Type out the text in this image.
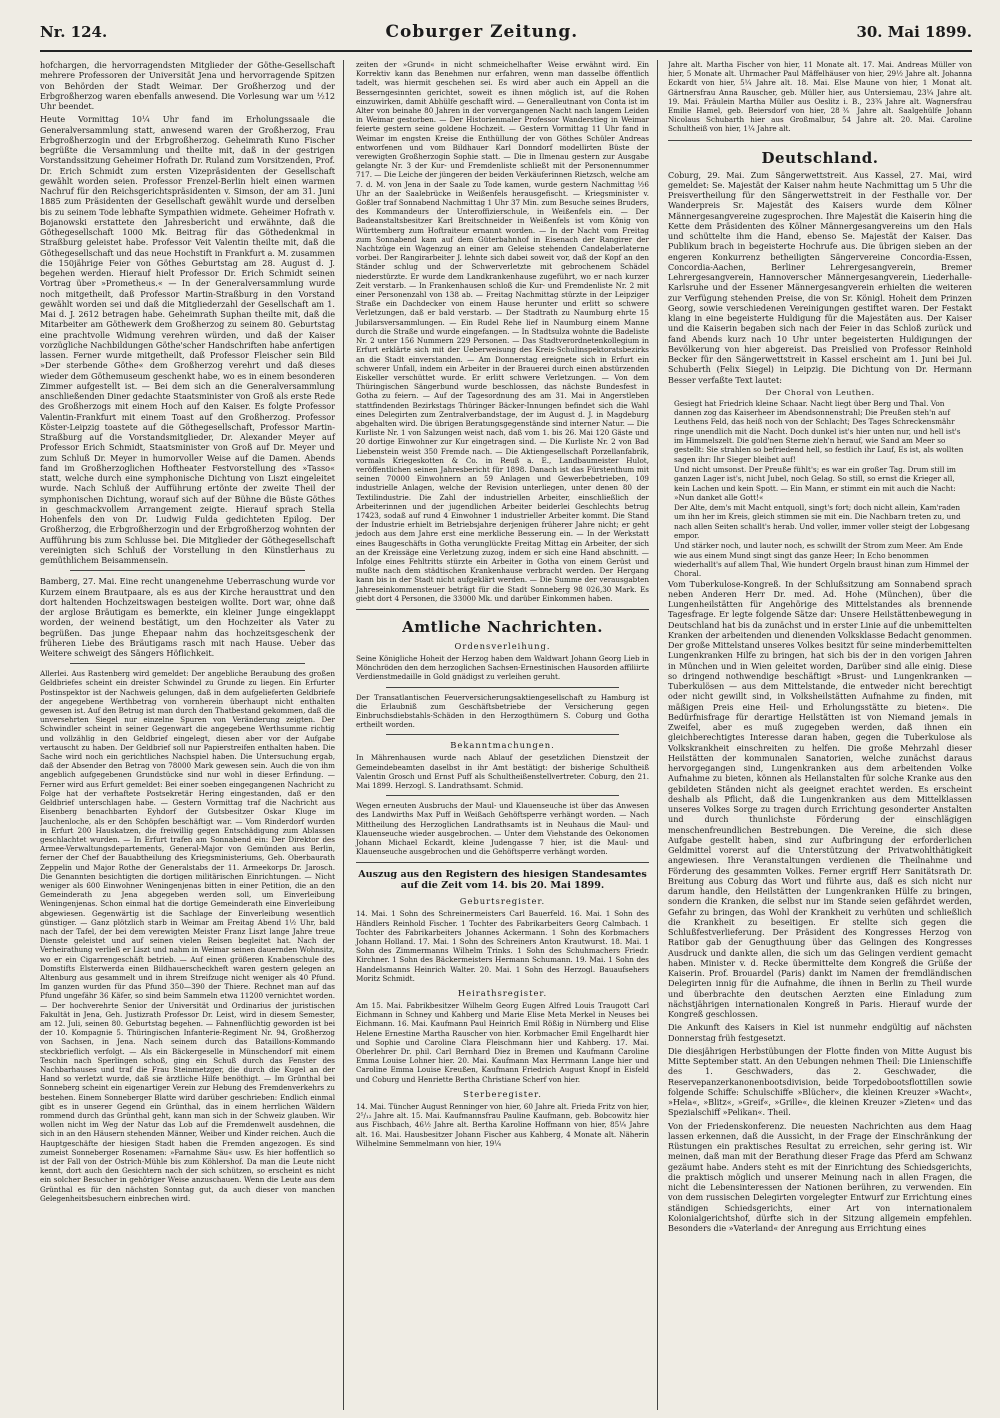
Nr. 124.	Coburger Zeitung.	30. Mai 1899.

hofchargen, die hervorragendsten Mitglieder der Göthe-Gesellschaft mehrere Professoren der Universität Jena und hervorragende Spitzen von Behörden der Stadt Weimar. Der Großherzog und der Erbgroßherzog waren ebenfalls anwesend. Die Vorlesung war um ½12 Uhr beendet.

Heute Vormittag 10¼ Uhr fand im Erholungssaale die Generalversammlung statt, anwesend waren der Großherzog, Frau Erbgroßherzogin und der Erbgroßherzog. Geheimrath Kuno Fischer begrüßte die Versammlung und theilte mit, daß in der gestrigen Vorstandssitzung Geheimer Hofrath Dr. Ruland zum Vorsitzenden, Prof. Dr. Erich Schmidt zum ersten Vizepräsidenten der Gesellschaft gewählt worden seien. Professor Frenzel-Berlin hielt einen warmen Nachruf für den Reichsgerichtspräsidenten v. Simson, der am 31. Juni 1885 zum Präsidenten der Gesellschaft gewählt wurde und derselben bis zu seinem Tode lebhafte Sympathien widmete. Geheimer Hofrath v. Bojanowski erstattete den Jahresbericht und erwähnte, daß die Göthegesellschaft 1000 Mk. Beitrag für das Göthedenkmal in Straßburg geleistet habe. Professor Veit Valentin theilte mit, daß die Göthegesellschaft und das neue Hochstift in Frankfurt a. M. zusammen die 150jährige Feier von Göthes Geburtstag am 28. August d. J. begehen werden. Hierauf hielt Professor Dr. Erich Schmidt seinen Vortrag über »Prometheus.« — In der Generalversammlung wurde noch mitgetheilt, daß Professor Martin-Straßburg in den Vorstand gewählt worden sei und daß die Mitgliederzahl der Gesellschaft am 1. Mai d. J. 2612 betragen habe. Geheimrath Suphan theilte mit, daß die Mitarbeiter am Göthewerk dem Großherzog zu seinem 80. Geburtstag eine prachtvolle Widmung verehren würden, und daß der Kaiser vorzügliche Nachbildungen Göthe'scher Handschriften habe anfertigen lassen. Ferner wurde mitgetheilt, daß Professor Fleischer sein Bild »Der sterbende Göthe« dem Großherzog verehrt und daß dieses wieder dem Göthemuseum geschenkt habe, wo es in einem besonderen Zimmer aufgestellt ist. — Bei dem sich an die Generalversammlung anschließenden Diner gedachte Staatsminister von Groß als erste Rede des Großherzogs mit einem Hoch auf den Kaiser. Es folgte Professor Valentin-Frankfurt mit einem Toast auf den Großherzog. Professor Köster-Leipzig toastete auf die Göthegesellschaft, Professor Martin-Straßburg auf die Vorstandsmitglieder, Dr. Alexander Meyer auf Professor Erich Schmidt, Staatsminister von Groß auf Dr. Meyer und zum Schluß Dr. Meyer in humorvoller Weise auf die Damen. Abends fand im Großherzoglichen Hoftheater Festvorstellung des »Tasso« statt, welche durch eine symphonische Dichtung von Liszt eingeleitet wurde. Nach Schluß der Aufführung ertönte der zweite Theil der symphonischen Dichtung, worauf sich auf der Bühne die Büste Göthes in geschmackvollem Arrangement zeigte. Hierauf sprach Stella Hohenfels den von Dr. Ludwig Fulda gedichteten Epilog. Der Großherzog, die Erbgroßherzogin und der Erbgroßherzog wohnten der Aufführung bis zum Schlusse bei. Die Mitglieder der Göthegesellschaft vereinigten sich Schluß der Vorstellung in den Künstlerhaus zu gemüthlichem Beisammensein.

Bamberg, 27. Mai. Eine recht unangenehme Ueberraschung wurde vor Kurzem einem Brautpaare, als es aus der Kirche herausttrat und den dort haltenden Hochzeitswagen besteigen wollte. Dort war, ohne daß der arglose Bräutigam es bemerkte, ein kleiner Junge eingeklappt worden, der weinend bestätigt, um den Hochzeiter als Vater zu begrüßen. Das junge Ehepaar nahm das hochzeitsgeschenk der früheren Liebe des Bräutigams rasch mit nach Hause. Ueber das Weitere schweigt des Sängers Höflichkeit.

Allerlei. Aus Rastenberg wird gemeldet: Der angebliche Beraubung des großen Geldbriefes scheint ein dreister Schwindel zu Grunde zu liegen. Ein Erfurter Postinspektor ist der Nachweis gelungen, daß in dem aufgelieferten Geldbriefe der angegebene Werthbetrag von vornherein überhaupt nicht enthalten gewesen ist. Auf den Betrug ist man durch den Thatbestand gekommen, daß die unversehrten Siegel nur einzelne Spuren von Veränderung zeigten. Der Schwindler scheint in seiner Gegenwart die angegebene Werthsumme richtig und vollzählig in den Geldbrief eingelegt, diesen aber vor der Aufgabe vertauscht zu haben. Der Geldbrief soll nur Papierstreifen enthalten haben. Die Sache wird noch ein gerichtliches Nachspiel haben. Die Untersuchung ergab, daß der Absender den Betrag von 78000 Mark gewesen sein. Auch die von ihm angeblich aufgegebenen Grundstücke sind nur wohl in dieser Erfindung. — Ferner wird aus Erfurt gemeldet: Bei einer soeben eingegangenen Nachricht zu Folge hat der verhaftete Postsekretär Hering eingestanden, daß er den Geldbrief unterschlagen habe. — Gestern Vormittag traf die Nachricht aus Eisenberg benachbarten Eyhdorf der Gutsbesitzer Oskar Kluge im Jauchenloche, als er den Schöpfen beschäftigt war. — Vom Rinderdorf wurden in Erfurt 200 Hauskatzen, die freiwillig gegen Entschädigung zum Ablassen geschlachtet wurden. — In Erfurt trafen am Sonnabend ein: Der Direktor des Armee-Verwaltungsdepartements, General-Major von Gemünden aus Berlin, ferner der Chef der Bauabtheilung des Kriegsministeriums, Geh. Oberbaurath Zeppelin und Major Rothe der Generalstabs der 11. Armeekorps Dr. Jarosch. Die Genannten besichtigten die dortigen militärischen Einrichtungen. — Nicht weniger als 600 Einwohner Weningenjenas bitten in einer Petition, die an den Gemeinderath zu Jena abgegeben werden soll, um Einverleibung Weningenjenas. Schon einmal hat die dortige Gemeinderath eine Einverleibung abgewiesen. Gegenwärtig ist die Sachlage der Einverleibung wesentlich günstiger. — Ganz plötzlich starb in Weimar am Freitag Abend 1½ Uhr, bald nach der Tafel, der bei dem verewigten Meister Franz Liszt lange Jahre treue Dienste geleistet und auf seinen vielen Reisen begleitet hat. Nach der Verheirathung verließ er Liszt und nahm in Weimar seinen dauernden Wohnsitz, wo er ein Cigarrengeschäft betrieb. — Auf einen größeren Knabenschule des Domstifts Elsterwerda einen Bildhauerscheckheft waren gestern gelegen an Altenburg aus gesammelt und in ihrem Streifzuge nicht weniger als 40 Pfund. Im ganzen wurden für das Pfund 350—390 der Thiere. Rechnet man auf das Pfund ungefähr 36 Käfer, so sind beim Sammeln etwa 11200 vernichtet worden. — Der hochverehrte Senior der Universität und Ordinarius der juristischen Fakultät in Jena, Geh. Justizrath Professor Dr. Leist, wird in diesem Semester, am 12. Juli, seinen 80. Geburtstag begehen. — Fahnenflüchtig geworden ist bei der 10. Kompagnie 5. Thüringischen Infanterie-Regiment Nr. 94, Großherzog von Sachsen, in Jena. Nach seinem durch das Bataillons-Kommando steckbrieflich verfolgt. — Als ein Bäckergeselle in Münschendorf mit einem Teschin nach Sperlingen schoß, ging ein Schuß durch das Fenster des Nachbarhauses und traf die Frau Steinmetzger, die durch die Kugel an der Hand so verletzt wurde, daß sie ärztliche Hilfe benöthigt. — Im Grünthal bei Sonneberg scheint ein eigenartiger Verein zur Hebung des Fremdenverkehrs zu bestehen. Einem Sonneberger Blatte wird darüber geschrieben: Endlich einmal gibt es in unserer Gegend ein Grünthal, das in einem herrlichen Wäldern rommend durch das Grünthal geht, kann man sich in der Schweiz glauben. Wir wollen nicht im Weg der Natur das Lob auf die Fremdenwelt ausdehnen, die sich in an den Häusern stehenden Männer, Weiber und Kinder reichen. Auch die Hauptgeschäfte der hiesigen Stadt haben die Fremden angezogen. Es sind zumeist Sonneberger Rosenamen: »Farnahme Säu« usw. Es hier hoffentlich so ist der Fall von der Ostrich-Mühle bis zum Köhlershof. Da man die Leute nicht kennt, dort auch den Gesichtern nach der sich schützen, so erscheint es nicht ein solcher Besucher in gehöriger Weise anzuschauen. Wenn die Leute aus dem Grünthal es für den nächsten Sonntag gut, da auch dieser von manchen Gelegenheitsbesuchern einbrechen wird.

zeiten der »Grund« in nicht schmeichelhafter Weise erwähnt wird. Ein Korrektiv kann das Benehmen nur erfahren, wenn man dasselbe öffentlich tadelt, was hiermit geschehen sei. Es wird aber auch ein Appell an die Besserngesinnten gerichtet, soweit es ihnen möglich ist, auf die Rohen einzuwirken, damit Abhülfe geschafft wird. — Generalleutnant von Conta ist im Alter von beinahe 80 Jahren in der vorvergangenen Nacht nach langem Leiden in Weimar gestorben. — Der Historienmaler Professor Wanderstieg in Weimar feierte gestern seine goldene Hochzeit. — Gestern Vormittag 11 Uhr fand in Weimar im engsten Kreise die Enthüllung der von Göthes Schüler Andreas entworfenen und vom Bildhauer Karl Donndorf modellirten Büste der verewigten Großherzogin Sophie statt. — Die in Ilmenau gestern zur Ausgabe gelangte Nr. 3 der Kur- und Fremdenliste schließt mit der Personennummer 717. — Die Leiche der jüngeren der beiden Verkäuferinnen Rietzsch, welche am 7. d. M. von Jena in der Saale zu Tode kamen, wurde gestern Nachmittag ½6 Uhr an der Saalebrücke in Weißenfels herausgefischt. — Kriegsminister v. Goßler traf Sonnabend Nachmittag 1 Uhr 37 Min. zum Besuche seines Bruders, des Kommandeurs der Unteroffizierschule, in Weißenfels ein. — Der Badeanstaltsbesitzer Karl Breitschneider in Weißenfels ist vom König von Württemberg zum Hoftraiteur ernannt worden. — In der Nacht vom Freitag zum Sonnabend kam auf dem Güterbahnhof in Eisenach der Rangirer der Nachtzüge ein Wagenzug an einer am Geleise stehenden Candelaberlaterne vorbei. Der Rangirarbeiter J. lehnte sich dabei soweit vor, daß der Kopf an den Ständer schlug und der Schwerverletzte mit gebrochenem Schädel niederstürzte. Er wurde dem Landkrankenhause zugeführt, wo er nach kurzer Zeit verstarb. — In Frankenhausen schloß die Kur- und Fremdenliste Nr. 2 mit einer Personenzahl von 138 ab. — Freitag Nachmittag stürzte in der Leipziger Straße ein Dachdecker von einem Hause herunter und erlitt so schwere Verletzungen, daß er bald verstarb. — Der Stadtrath zu Naumburg ehrte 15 Jubilarsversammlungen. — Ein Rudel Rehe lief in Naumburg einem Manne durch die Straße und wurde eingefangen. — In Stadtsulza wohnte die Badeliste Nr. 2 unter 156 Nummern 229 Personen. — Das Stadtverordnetenkollegium in Erfurt erklärte sich mit der Ueberweisung des Kreis-Schulinspektoratsbezirks an die Stadt einverstanden. — Am Donnerstag ereignete sich in Erfurt ein schwerer Unfall, indem ein Arbeiter in der Brauerei durch einen abstürzenden Eiskeller verschüttet wurde. Er erlitt schwere Verletzungen. — Von dem Thüringischen Sängerbund wurde beschlossen, das nächste Bundesfest in Gotha zu feiern. — Auf der Tagesordnung des am 31. Mai in Angerstleben stattfindenden Bezirkstags Thüringer Bäcker-Innungen befindet sich die Wahl eines Delegirten zum Zentralverbandstage, der im August d. J. in Magdeburg abgehalten wird. Die übrigen Beratungsgegenstände sind interner Natur. — Die Kurliste Nr. 1 von Salzungen weist nach, daß vom 1. bis 26. Mai 120 Gäste und 20 dortige Einwohner zur Kur eingetragen sind. — Die Kurliste Nr. 2 von Bad Liebenstein weist 350 Fremde nach. — Die Aktiengesellschaft Porzellanfabrik, vormals Kriegeskotten & Co. in Reuß a. E., Landbaumeister Hulot, veröffentlichen seinen Jahresbericht für 1898. Danach ist das Fürstenthum mit seinen 70000 Einwohnern an 59 Anlagen und Gewerbebetrieben, 109 industrielle Anlagen, welche der Revision unterliegen, unter denen 80 der Textilindustrie. Die Zahl der industriellen Arbeiter, einschließlich der Arbeiterinnen und der jugendlichen Arbeiter beiderlei Geschlechts betrug 17423, sodaß auf rund 4 Einwohner 1 industrieller Arbeiter kommt. Die Stand der Industrie erhielt im Betriebsjahre derjenigen früherer Jahre nicht; er geht jedoch aus dem Jahre erst eine merkliche Besserung ein. — In der Werkstatt eines Baugeschäfts in Gotha verunglückte Freitag Mittag ein Arbeiter, der sich an der Kreissäge eine Verletzung zuzog, indem er sich eine Hand abschnitt. — Infolge eines Fehltritts stürzte ein Arbeiter in Gotha von einem Gerüst und mußte nach dem städtischen Krankenhause verbracht werden. Der Hergang kann bis in der Stadt nicht aufgeklärt werden. — Die Summe der verausgabten Jahreseinkommensteuer beträgt für die Stadt Sonneberg 98 026,30 Mark. Es giebt dort 4 Personen, die 33000 Mk. und darüber Einkommen haben.

Amtliche Nachrichten.
Ordensverleihung.

Seine Königliche Hoheit der Herzog haben dem Waldwart Johann Georg Lieb in Mönchröden den dem herzoglichen Sachsen-Ernestinischen Hausorden affiliirte Verdienstmedaille in Gold gnädigst zu verleihen geruht.

Der Transatlantischen Feuerversicherungsaktiengesellschaft zu Hamburg ist die Erlaubniß zum Geschäftsbetriebe der Versicherung gegen Einbruchsdiebstahls-Schäden in den Herzogthümern S. Coburg und Gotha ertheilt worden.

Bekanntmachungen.

In Mährenhausen wurde nach Ablauf der gesetzlichen Dienstzeit der Gemeindebeamten daselbst in ihr Amt bestätigt: der bisherige Schultheiß Valentin Grosch und Ernst Puff als Schultheißenstellvertreter. Coburg, den 21. Mai 1899. Herzogl. S. Landrathsamt. Schmid.

Wegen erneuten Ausbruchs der Maul- und Klauenseuche ist über das Anwesen des Landwirths Max Puff in Weißach Gehöftsperre verhängt worden. — Nach Mittheilung des Herzoglichen Landrathsamts ist in Neuhaus die Maul- und Klauenseuche wieder ausgebrochen. — Unter dem Viehstande des Oekonomen Johann Michael Eckardt, kleine Judengasse 7 hier, ist die Maul- und Klauenseuche ausgebrochen und die Gehöftsperre verhängt worden.

Auszug aus den Registern des hiesigen Standesamtes auf die Zeit vom 14. bis 20. Mai 1899.
Geburtsregister.

14. Mai. 1 Sohn des Schreinermeisters Carl Bauerfeld. 16. Mai. 1 Sohn des Händlers Reinhold Fischer. 1 Tochter des Fabrikarbeiters Georg Calmbach. 1 Tochter des Fabrikarbeiters Johannes Ackermann. 1 Sohn des Korbmachers Johann Holland. 17. Mai. 1 Sohn des Schreiners Anton Krautwurst. 18. Mai. 1 Sohn des Zimmermanns Wilhelm Trinks. 1 Sohn des Schuhmachers Friedr. Kirchner. 1 Sohn des Bäckermeisters Hermann Schumann. 19. Mai. 1 Sohn des Handelsmanns Heinrich Walter. 20. Mai. 1 Sohn des Herzogl. Bauaufsehers Moritz Schmidt.

Heirathsregister.

Am 15. Mai. Fabrikbesitzer Wilhelm Georg Eugen Alfred Louis Traugott Carl Eichmann in Schney und Kahberg und Marie Elise Meta Merkel in Neuses bei Eichmann. 16. Mai. Kaufmann Paul Heinrich Emil Rößig in Nürnberg und Elise Helene Ernestine Martha Rauscher von hier. Korbmacher Emil Engelhardt hier und Sophie und Caroline Clara Fleischmann hier und Kahberg. 17. Mai. Oberlehrer Dr. phil. Carl Bernhard Diez in Bremen und Kaufmann Caroline Emma Louise Lohner hier. 20. Mai. Kaufmann Max Herrmann Lange hier und Caroline Emma Louise Kreußen, Kaufmann Friedrich August Knopf in Eisfeld und Coburg und Henriette Bertha Christiane Scherf von hier.

Sterberegister.

14. Mai. Tüncher August Renninger von hier, 60 Jahre alt. Frieda Fritz von hier, 2⁵/₁₂ Jahre alt. 15. Mai. Kaufmannsfrau Pauline Kaufmann, geb. Bobcowitz hier aus Fischbach, 46½ Jahre alt. Bertha Karoline Hoffmann von hier, 85¼ Jahre alt. 16. Mai. Hausbesitzer Johann Fischer aus Kahberg, 4 Monate alt. Näherin Wilhelmine Semmelmann von hier, 19¼

Jahre alt. Martha Fischer von hier, 11 Monate alt. 17. Mai. Andreas Müller von hier, 5 Monate alt. Uhrmacher Paul Mäffelhäuser von hier, 29½ Jahre alt. Johanna Eckardt von hier, 5¼ Jahre alt. 18. Mai. Else Maune von hier, 1 Monat alt. Gärtnersfrau Anna Rauscher, geb. Müller hier, aus Untersiemau, 23¼ Jahre alt. 19. Mai. Fräulein Martha Müller aus Oeslitz i. B., 23¾ Jahre alt. Wagnersfrau Emilie Hamel, geb. Beiersdorf von hier, 28⅗ Jahre alt. Saalgehülfe Johann Nicolaus Schubarth hier aus Großmalbur, 54 Jahre alt. 20. Mai. Caroline Schultheiß von hier, 1¼ Jahre alt.

Deutschland.

Coburg, 29. Mai. Zum Sängerwettstreit. Aus Kassel, 27. Mai, wird gemeldet: Se. Majestät der Kaiser nahm heute Nachmittag um 5 Uhr die Preisvertheilung für den Sängerwettstreit in der Festhalle vor. Der Wanderpreis Sr. Majestät des Kaisers wurde dem Kölner Männergesangvereine zugesprochen. Ihre Majestät die Kaiserin hing die Kette dem Präsidenten des Kölner Männergesangvereins um den Hals und schüttelte ihm die Hand, ebenso Se. Majestät der Kaiser. Das Publikum brach in begeisterte Hochrufe aus. Die übrigen sieben an der engeren Konkurrenz betheiligten Sängervereine Concordia-Essen, Concordia-Aachen, Berliner Lehrergesangverein, Bremer Lehrergesangverein, Hannoverscher Männergesangverein, Liederhalle-Karlsruhe und der Essener Männergesangverein erhielten die weiteren zur Verfügung stehenden Preise, die von Sr. Königl. Hoheit dem Prinzen Georg, sowie verschiedenen Vereinigungen gestiftet waren. Der Festakt klang in eine begeisterte Huldigung für die Majestäten aus. Der Kaiser und die Kaiserin begaben sich nach der Feier in das Schloß zurück und fand Abends kurz nach 10 Uhr unter begeisterten Huldigungen der Bevölkerung von hier abgereist. Das Preislied von Professor Reinhold Becker für den Sängerwettstreit in Kassel erscheint am 1. Juni bei Jul. Schuberth (Felix Siegel) in Leipzig. Die Dichtung von Dr. Hermann Besser verfaßte Text lautet:

Der Choral von Leuthen.

Gesiegt hat Friedrich kleine Schaar. Nacht liegt über Berg und Thal. Von dannen zog das Kaiserheer im Abendsonnenstrahl; Die Preußen steh'n auf Leuthens Feld, das heiß noch von der Schlacht; Des Tages Schreckensmähr ringe unendlich mit die Nacht. Doch dunkel ist's hier unten nur, und hell ist's im Himmelszelt. Die gold'nen Sterne zieh'n herauf, wie Sand am Meer so gestellt: Sie strahlen so befriedend hell, so festlich ihr Lauf, Es ist, als wollten sagen ihr: Ihr Sieger bleibet auf!

Und nicht umsonst. Der Preuße fühlt's; es war ein großer Tag. Drum still im ganzen Lager ist's, nicht Jubel, noch Gelag. So still, so ernst die Krieger all, kein Lachen und kein Spott. — Ein Mann, er stimmt ein mit auch die Nacht: »Nun danket alle Gott!«

Der Alte, dem's mit Macht entquoll, singt's fort; doch nicht allein, Kam'raden um ihn her im Kreis, gleich stimmen sie mit ein. Die Nachbarn treten zu, und nach allen Seiten schallt's herab. Und voller, immer voller steigt der Lobgesang empor.

Und stärker noch, und lauter noch, es schwillt der Strom zum Meer. Am Ende wie aus einem Mund singt singt das ganze Heer; In Echo benommen wiederhallt's auf allem Thal, Wie hundert Orgeln braust hinan zum Himmel der Choral.

Vom Tuberkulose-Kongreß. In der Schlußsitzung am Sonnabend sprach neben Anderen Herr Dr. med. Ad. Hohe (München), über die Lungenheilstätten für Angehörige des Mittelstandes als brennende Tagesfrage. Er legte folgende Sätze dar: Unsere Heilstättenbewegung in Deutschland hat bis da zunächst und in erster Linie auf die unbemittelten Kranken der arbeitenden und dienenden Volksklasse Bedacht genommen. Der große Mittelstand unseres Volkes besitzt für seine minderbemittelten Lungenkranken Hilfe zu bringen, hat sich bis der in den vorigen Jahren in München und in Wien geleitet worden, Darüber sind alle einig. Diese so dringend nothwendige beschäftigt »Brust- und Lungenkranken — Tuberkulösen — aus dem Mittelstande, die entweder nicht berechtigt oder nicht gewillt sind, in Volksheilstätten Aufnahme zu finden, mit mäßigen Preis eine Heil- und Erholungsstätte zu bieten«. Die Bedürfnisfrage für derartige Heilstätten ist von Niemand jemals in Zweifel, aber es muß zugegeben werden, daß ihnen ein gleichberechtigtes Interesse daran haben, gegen die Tuberkulose als Volkskrankheit einschreiten zu helfen. Die große Mehrzahl dieser Heilstätten der kommunalen Sanatorien, welche zunächst daraus hervorgegangen sind, Lungenkranken aus dem arbeitenden Volke Aufnahme zu bieten, können als Heilanstalten für solche Kranke aus den gebildeten Ständen nicht als geeignet erachtet werden. Es erscheint deshalb als Pflicht, daß die Lungenkranken aus dem Mittelklassen unseres Volkes Sorge zu tragen durch Errichtung gesonderter Anstalten und durch thunlichste Förderung der einschlägigen menschenfreundlichen Bestrebungen. Die Vereine, die sich diese Aufgabe gestellt haben, sind zur Aufbringung der erforderlichen Geldmittel vorerst auf die Unterstützung der Privatwohlthätigkeit angewiesen. Ihre Veranstaltungen verdienen die Theilnahme und Förderung des gesammten Volkes. Ferner ergriff Herr Sanitätsrath Dr. Breitung aus Coburg das Wort und führte aus, daß es sich nicht nur darum handle, den Heilstätten der Lungenkranken Hülfe zu bringen, sondern die Kranken, die selbst nur im Stande seien gefährdet werden, Gefahr zu bringen, das Wohl der Krankheit zu verhüten und schließlich die Krankheit zu beseitigen. Er stellte sich gegen die Schlußfestverlieferung. Der Präsident des Kongresses Herzog von Ratibor gab der Genugthuung über das Gelingen des Kongresses Ausdruck und dankte allen, die sich um das Gelingen verdient gemacht haben. Minister v. d. Recke übermittelte dem Kongreß die Grüße der Kaiserin. Prof. Brouardel (Paris) dankt im Namen der fremdländischen Delegirten innig für die Aufnahme, die ihnen in Berlin zu Theil wurde und überbrachte den deutschen Aerzten eine Einladung zum nächstjährigen internationalen Kongreß in Paris. Hierauf wurde der Kongreß geschlossen.

Die Ankunft des Kaisers in Kiel ist nunmehr endgültig auf nächsten Donnerstag früh festgesetzt.

Die diesjährigen Herbstübungen der Flotte finden von Mitte August bis Mitte September statt. An den Uebungen nehmen Theil: Die Linienschiffe des 1. Geschwaders, das 2. Geschwader, die Reservepanzerkanonenbootsdivision, beide Torpedobootsflottillen sowie folgende Schiffe: Schulschiffe »Blücher«, die kleinen Kreuzer »Wacht«, »Hela«, »Blitz«, »Greif«, »Grille«, die kleinen Kreuzer »Zieten« und das Spezialschiff »Pelikan«. Theil.

Von der Friedenskonferenz. Die neuesten Nachrichten aus dem Haag lassen erkennen, daß die Aussicht, in der Frage der Einschränkung der Rüstungen ein praktisches Resultat zu erreichen, sehr gering ist. Wir meinen, daß man mit der Berathung dieser Frage das Pferd am Schwanz gezäumt habe. Anders steht es mit der Einrichtung des Schiedsgerichts, die praktisch möglich und unserer Meinung nach in allen Fragen, die nicht die Lebensinteressen der Nationen berühren, zu verwenden. Ein von dem russischen Delegirten vorgelegter Entwurf zur Errichtung eines ständigen Schiedsgerichts, einer Art von internationalem Kolonialgerichtshof, dürfte sich in der Sitzung allgemein empfehlen. Besonders die »Vaterland« der Anregung aus Errichtung eines
